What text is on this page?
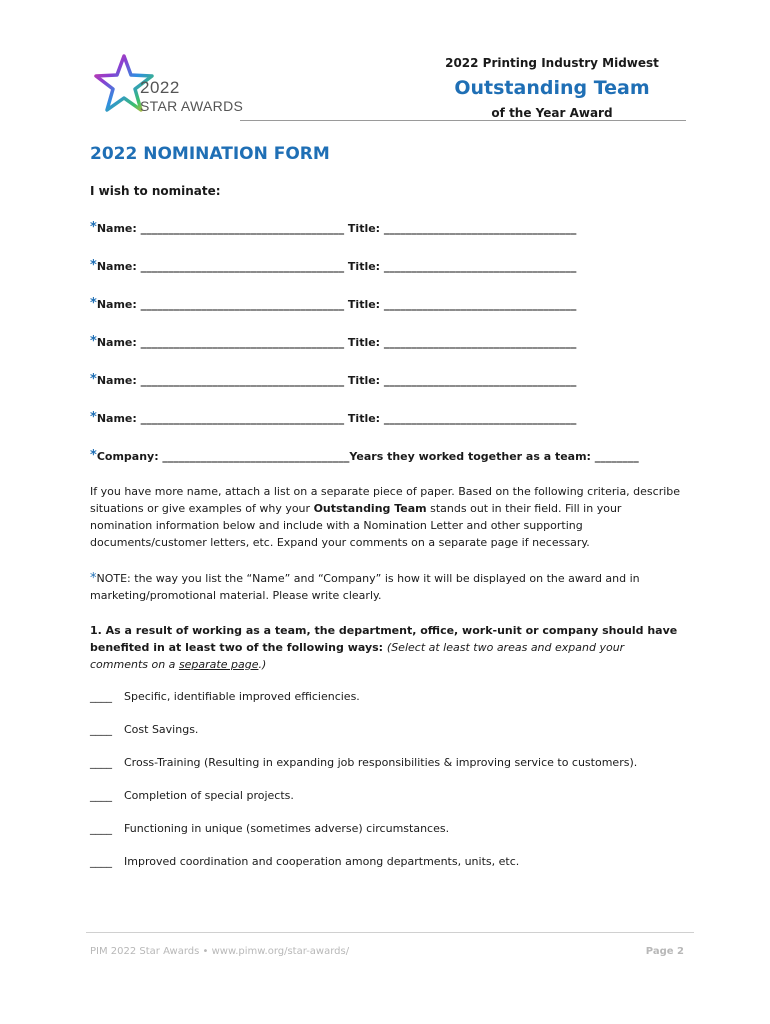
2022
STAR AWARDS
2022 Printing Industry Midwest
Outstanding Team
of the Year Award
2022 NOMINATION FORM
I wish to nominate:
* Name: _____________________________________ Title: ___________________________________
* Name: _____________________________________ Title: ___________________________________
* Name: _____________________________________ Title: ___________________________________
* Name: _____________________________________ Title: ___________________________________
* Name: _____________________________________ Title: ___________________________________
* Name: _____________________________________ Title: ___________________________________
* Company: __________________________________Years they worked together as a team: ________
If you have more name, attach a list on a separate piece of paper. Based on the following criteria, describe situations or give examples of why your Outstanding Team stands out in their field. Fill in your nomination information below and include with a Nomination Letter and other supporting documents/customer letters, etc. Expand your comments on a separate page if necessary.
*NOTE: the way you list the “Name” and “Company” is how it will be displayed on the award and in marketing/promotional material. Please write clearly.
1. As a result of working as a team, the department, office, work-unit or company should have benefited in at least two of the following ways: (Select at least two areas and expand your comments on a separate page.)
____	Specific, identifiable improved efficiencies.
____	Cost Savings.
____	Cross-Training (Resulting in expanding job responsibilities & improving service to customers).
____	Completion of special projects.
____	Functioning in unique (sometimes adverse) circumstances.
____	Improved coordination and cooperation among departments, units, etc.
PIM 2022 Star Awards • www.pimw.org/star-awards/	Page 2
